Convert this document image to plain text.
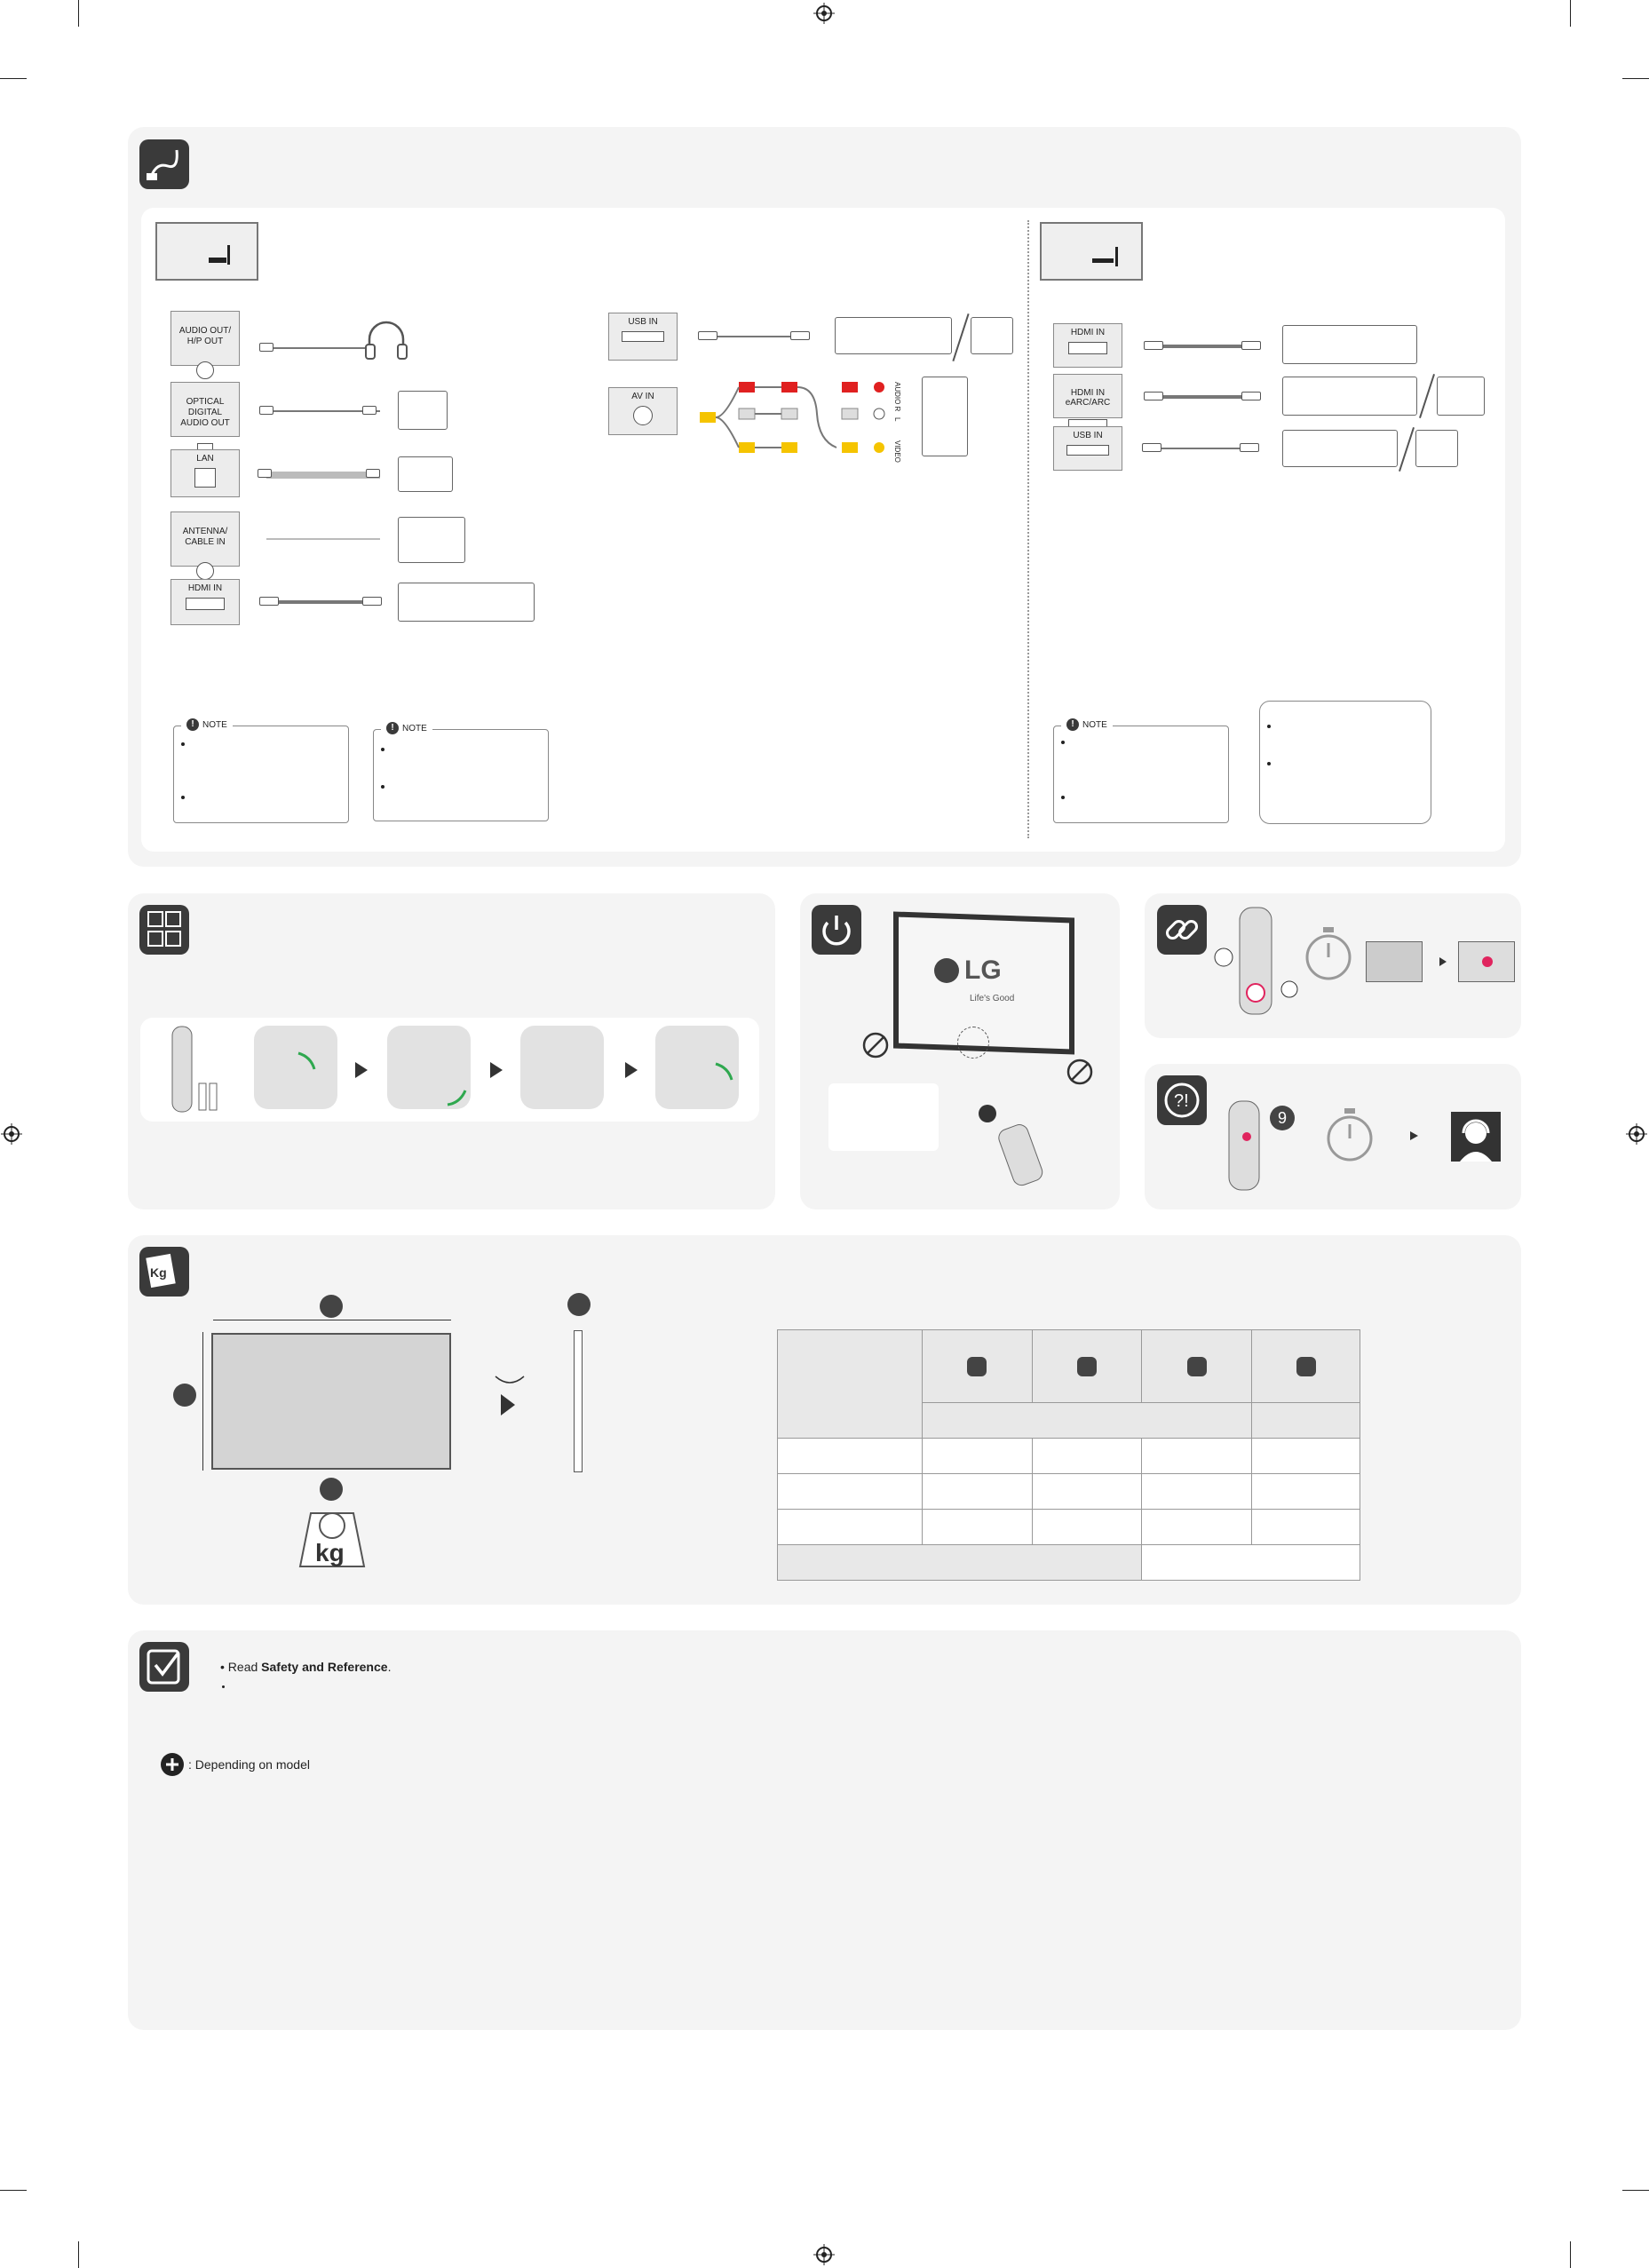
AUDIO OUT/
H/P OUT

OPTICAL DIGITAL
AUDIO OUT

LAN

ANTENNA/
CABLE IN

HDMI IN
USB IN
AV IN	AUDIO R
L
VIDEO
HDMI IN

HDMI IN
eARC/ARC

USB IN
! NOTE	! NOTE	! NOTE
LG
Life's Good
?!
9
Kg
kg

• Read Safety and Reference.
: Depending on model
